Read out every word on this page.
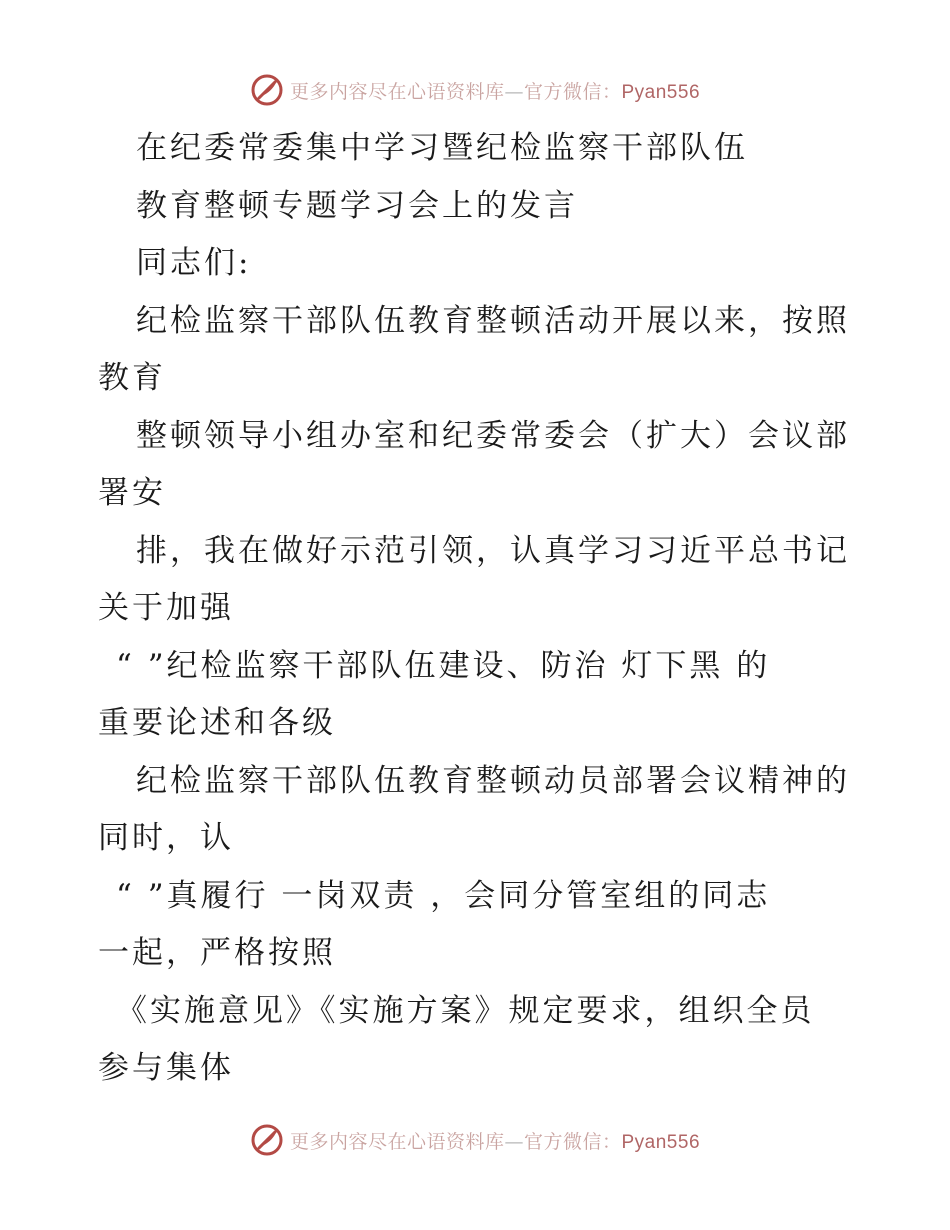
更多内容尽在心语资料库—官方微信：Pyan556
在纪委常委集中学习暨纪检监察干部队伍
教育整顿专题学习会上的发言
同志们:
纪检监察干部队伍教育整顿活动开展以来，按照
教育
整顿领导小组办室和纪委常委会（扩大）会议部
署安
排，我在做好示范引领，认真学习习近平总书记
关于加强
“ ”纪检监察干部队伍建设、防治 灯下黑 的
重要论述和各级
纪检监察干部队伍教育整顿动员部署会议精神的
同时，认
“ ”真履行 一岗双责 ，会同分管室组的同志
一起，严格按照
《实施意见》《实施方案》规定要求，组织全员
参与集体
更多内容尽在心语资料库—官方微信：Pyan556
